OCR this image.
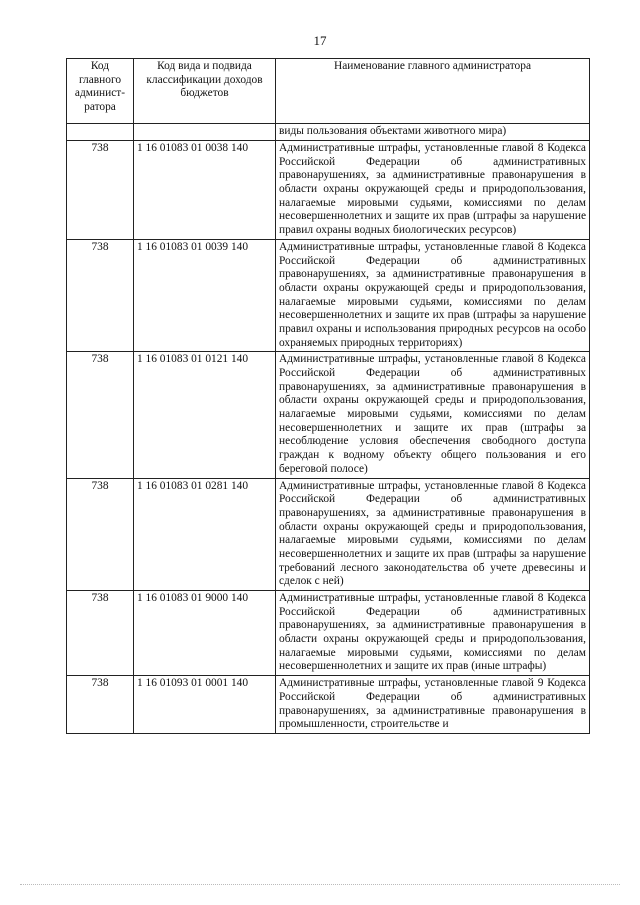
17
Код главного админист-ратора	Код вида и подвида классификации доходов бюджетов	Наименование главного администратора
		виды пользования объектами животного мира)
738	1 16 01083 01 0038 140	Административные штрафы, установленные главой 8 Кодекса Российской Федерации об административных правонарушениях, за административные правонарушения в области охраны окружающей среды и природопользования, налагаемые мировыми судьями, комиссиями по делам несовершеннолетних и защите их прав (штрафы за нарушение правил охраны водных биологических ресурсов)
738	1 16 01083 01 0039 140	Административные штрафы, установленные главой 8 Кодекса Российской Федерации об административных правонарушениях, за административные правонарушения в области охраны окружающей среды и природопользования, налагаемые мировыми судьями, комиссиями по делам несовершеннолетних и защите их прав (штрафы за нарушение правил охраны и использования природных ресурсов на особо охраняемых природных территориях)
738	1 16 01083 01 0121 140	Административные штрафы, установленные главой 8 Кодекса Российской Федерации об административных правонарушениях, за административные правонарушения в области охраны окружающей среды и природопользования, налагаемые мировыми судьями, комиссиями по делам несовершеннолетних и защите их прав (штрафы за несоблюдение условия обеспечения свободного доступа граждан к водному объекту общего пользования и его береговой полосе)
738	1 16 01083 01 0281 140	Административные штрафы, установленные главой 8 Кодекса Российской Федерации об административных правонарушениях, за административные правонарушения в области охраны окружающей среды и природопользования, налагаемые мировыми судьями, комиссиями по делам несовершеннолетних и защите их прав (штрафы за нарушение требований лесного законодательства об учете древесины и сделок с ней)
738	1 16 01083 01 9000 140	Административные штрафы, установленные главой 8 Кодекса Российской Федерации об административных правонарушениях, за административные правонарушения в области охраны окружающей среды и природопользования, налагаемые мировыми судьями, комиссиями по делам несовершеннолетних и защите их прав (иные штрафы)
738	1 16 01093 01 0001 140	Административные штрафы, установленные главой 9 Кодекса Российской Федерации об административных правонарушениях, за административные правонарушения в промышленности, строительстве и
